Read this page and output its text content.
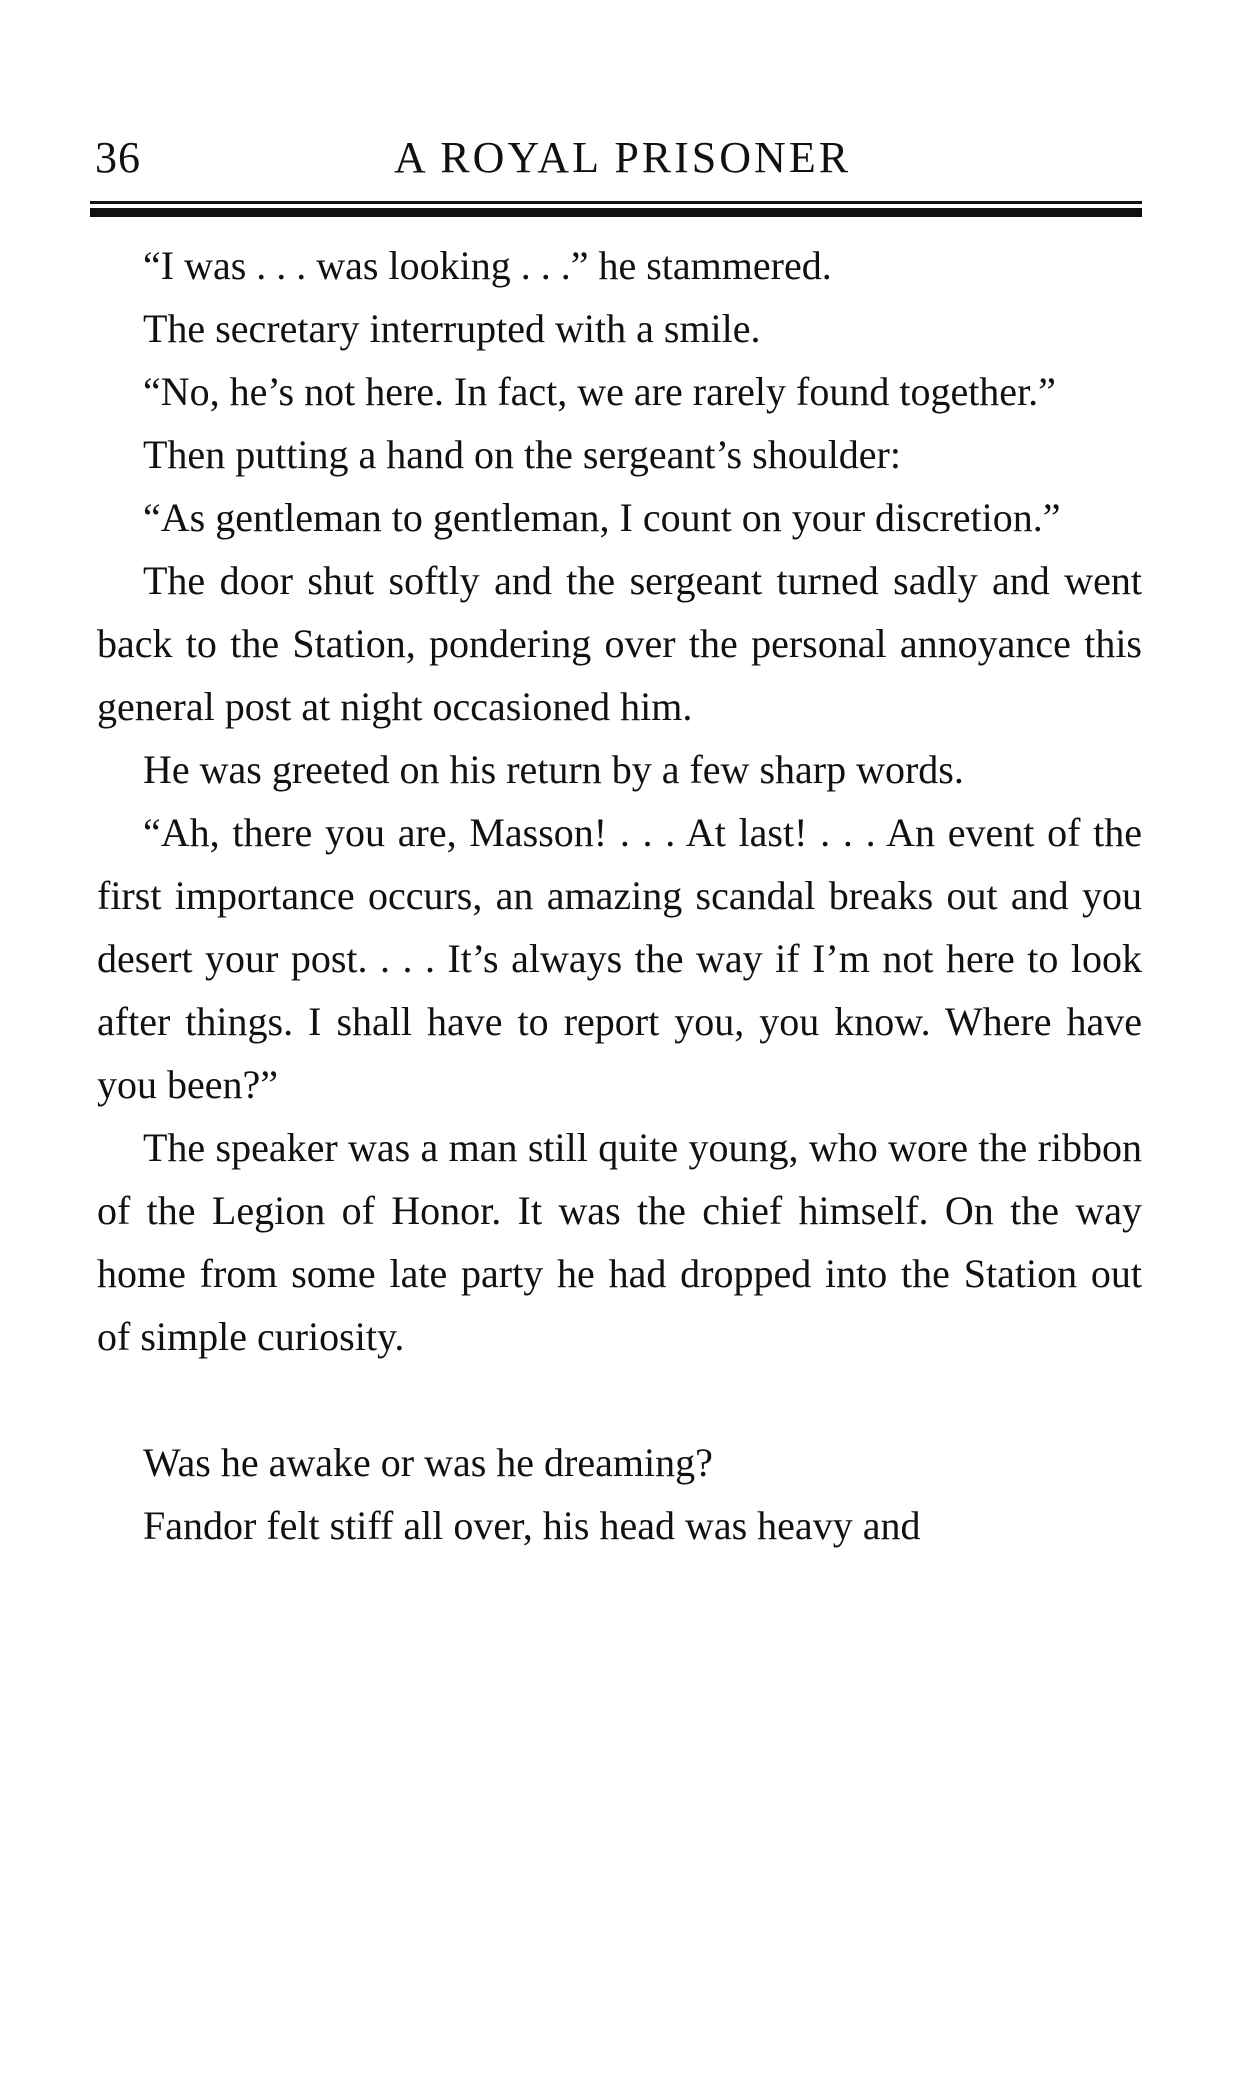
36	A ROYAL PRISONER

“I was . . . was looking . . .” he stammered.

The secretary interrupted with a smile.

“No, he’s not here. In fact, we are rarely found together.”

Then putting a hand on the sergeant’s shoulder:

“As gentleman to gentleman, I count on your discretion.”

The door shut softly and the sergeant turned sadly and went back to the Station, pondering over the personal annoyance this general post at night occasioned him.

He was greeted on his return by a few sharp words.

“Ah, there you are, Masson! . . . At last! . . . An event of the first importance occurs, an amazing scandal breaks out and you desert your post. . . . It’s always the way if I’m not here to look after things. I shall have to report you, you know. Where have you been?”

The speaker was a man still quite young, who wore the ribbon of the Legion of Honor. It was the chief himself. On the way home from some late party he had dropped into the Station out of simple curiosity.

Was he awake or was he dreaming?

Fandor felt stiff all over, his head was heavy and
